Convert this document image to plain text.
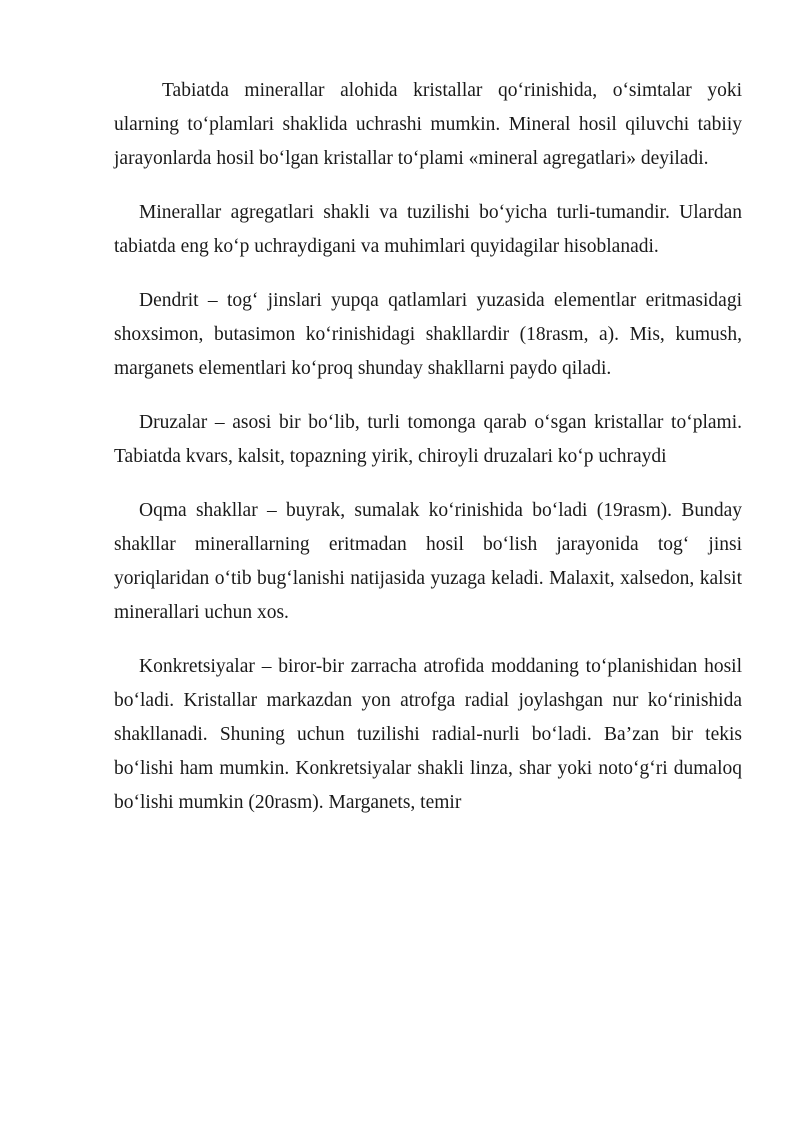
Tabiatda minerallar alohida kristallar qo‘rinishida, o‘simtalar yoki ularning to‘plamlari shaklida uchrashi mumkin. Mineral hosil qiluvchi tabiiy jarayonlarda hosil bo‘lgan kristallar to‘plami «mineral agregatlari» deyiladi.

Minerallar agregatlari shakli va tuzilishi bo‘yicha turli-tumandir. Ulardan tabiatda eng ko‘p uchraydigani va muhimlari quyidagilar hisoblanadi.

Dendrit – tog‘ jinslari yupqa qatlamlari yuzasida elementlar eritmasidagi shoxsimon, butasimon ko‘rinishidagi shakllardir (18rasm, a). Mis, kumush, marganets elementlari ko‘proq shunday shakllarni paydo qiladi.

Druzalar – asosi bir bo‘lib, turli tomonga qarab o‘sgan kristallar to‘plami. Tabiatda kvars, kalsit, topazning yirik, chiroyli druzalari ko‘p uchraydi

Oqma shakllar – buyrak, sumalak ko‘rinishida bo‘ladi (19rasm). Bunday shakllar minerallarning eritmadan hosil bo‘lish jarayonida tog‘ jinsi yoriqlaridan o‘tib bug‘lanishi natijasida yuzaga keladi. Malaxit, xalsedon, kalsit minerallari uchun xos.

Konkretsiyalar – biror-bir zarracha atrofida moddaning to‘planishidan hosil bo‘ladi. Kristallar markazdan yon atrofga radial joylashgan nur ko‘rinishida shakllanadi. Shuning uchun tuzilishi radial-nurli bo‘ladi. Ba’zan bir tekis bo‘lishi ham mumkin. Konkretsiyalar shakli linza, shar yoki noto‘g‘ri dumaloq bo‘lishi mumkin (20rasm). Marganets, temir
